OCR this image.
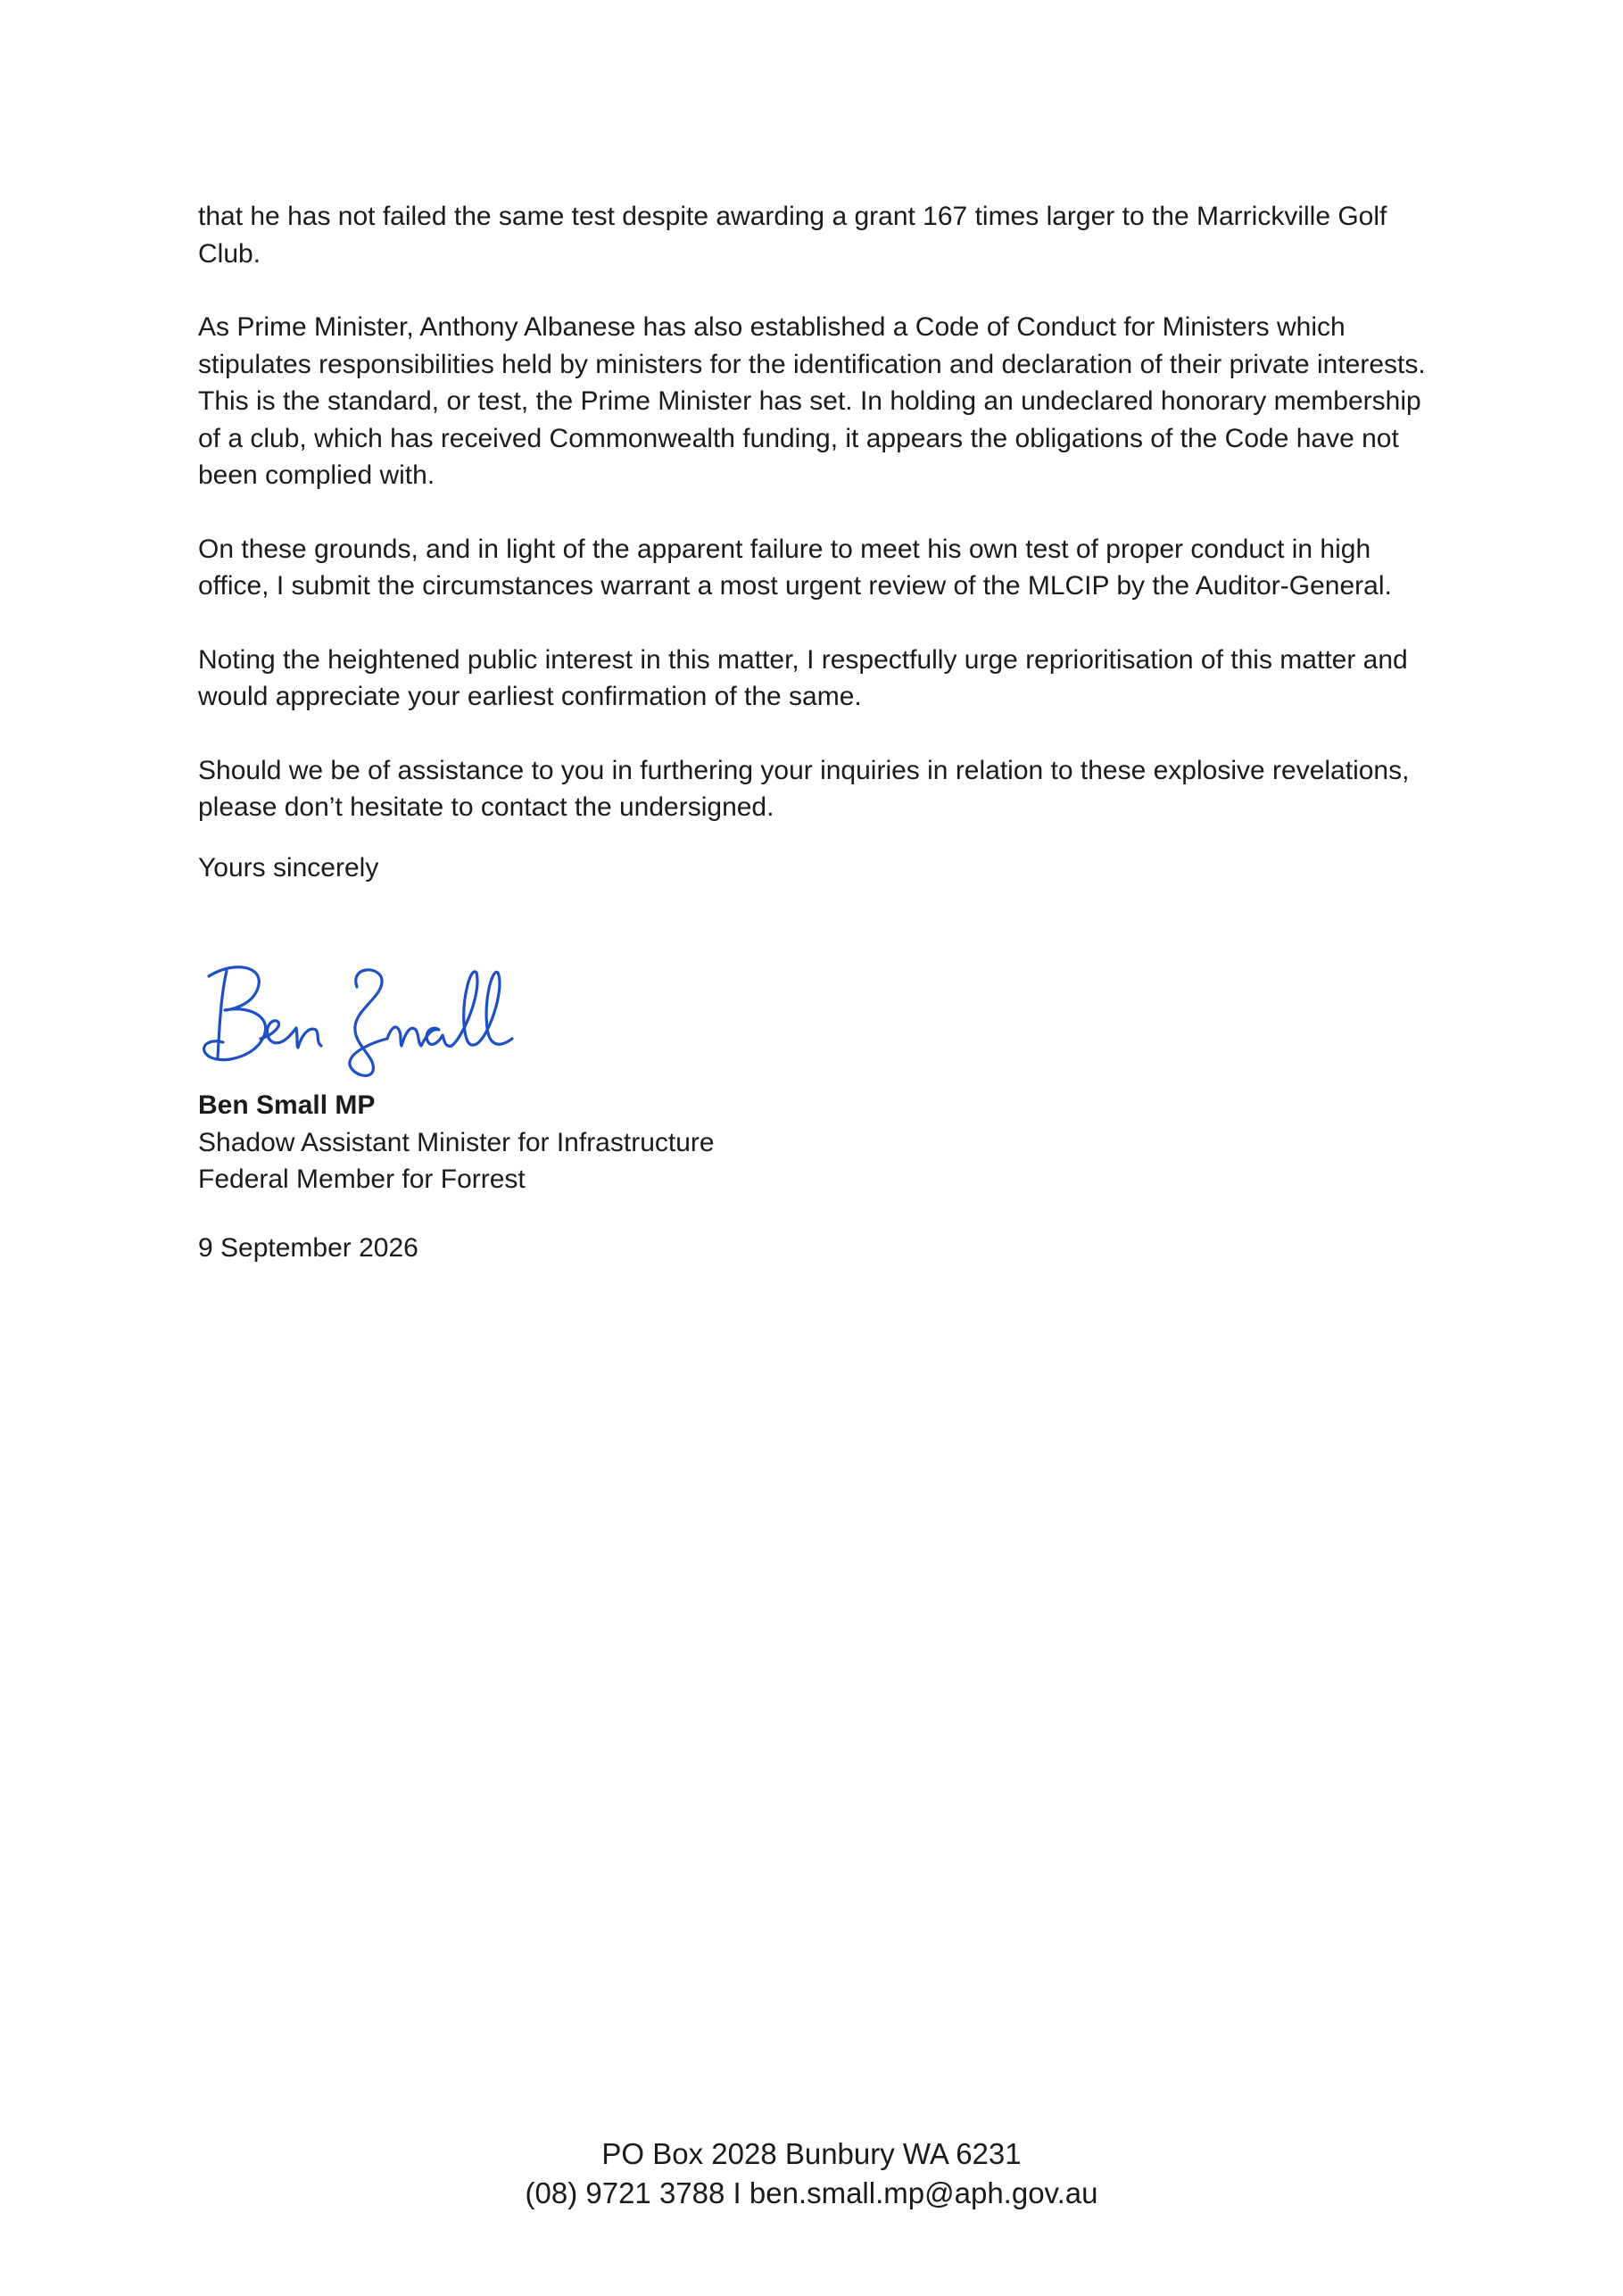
that he has not failed the same test despite awarding a grant 167 times larger to the Marrickville Golf Club.

As Prime Minister, Anthony Albanese has also established a Code of Conduct for Ministers which stipulates responsibilities held by ministers for the identification and declaration of their private interests. This is the standard, or test, the Prime Minister has set. In holding an undeclared honorary membership of a club, which has received Commonwealth funding, it appears the obligations of the Code have not been complied with.

On these grounds, and in light of the apparent failure to meet his own test of proper conduct in high office, I submit the circumstances warrant a most urgent review of the MLCIP by the Auditor-General.

Noting the heightened public interest in this matter, I respectfully urge reprioritisation of this matter and would appreciate your earliest confirmation of the same.

Should we be of assistance to you in furthering your inquiries in relation to these explosive revelations, please don’t hesitate to contact the undersigned.

Yours sincerely

Ben Small MP
Shadow Assistant Minister for Infrastructure
Federal Member for Forrest
9 September 2026
PO Box 2028 Bunbury WA 6231
(08) 9721 3788 I ben.small.mp@aph.gov.au
